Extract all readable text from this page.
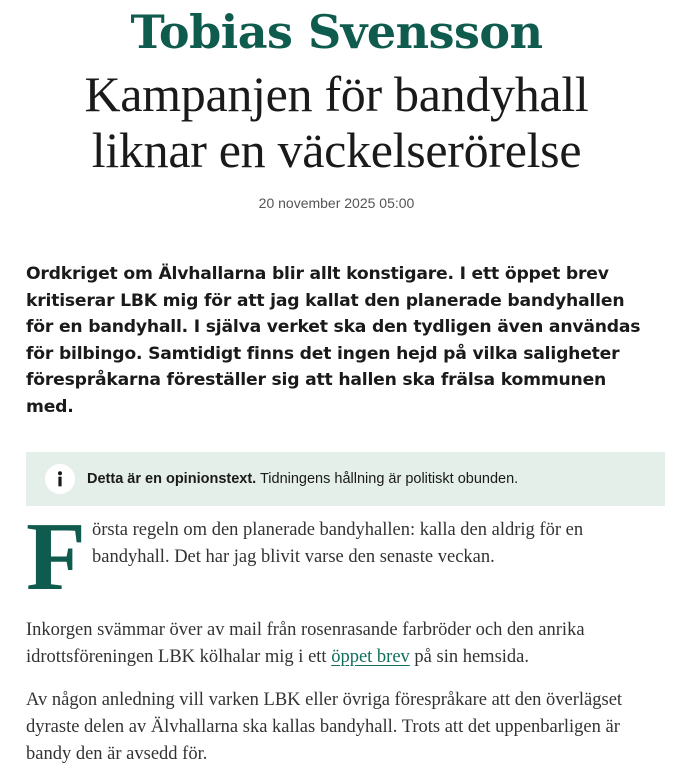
Tobias Svensson
Kampanjen för bandyhall
liknar en väckelserörelse
20 november 2025 05:00
Ordkriget om Älvhallarna blir allt konstigare. I ett öppet brev kritiserar LBK mig för att jag kallat den planerade bandyhallen för en bandyhall. I själva verket ska den tydligen även användas för bilbingo. Samtidigt finns det ingen hejd på vilka saligheter förespråkarna föreställer sig att hallen ska frälsa kommunen med.
Detta är en opinionstext. Tidningens hållning är politiskt obunden.
F örsta regeln om den planerade bandyhallen: kalla den aldrig för en bandyhall. Det har jag blivit varse den senaste veckan.

Inkorgen svämmar över av mail från rosenrasande farbröder och den anrika idrottsföreningen LBK kölhalar mig i ett öppet brev på sin hemsida.

Av någon anledning vill varken LBK eller övriga förespråkare att den överlägset dyraste delen av Älvhallarna ska kallas bandyhall. Trots att det uppenbarligen är bandy den är avsedd för.
